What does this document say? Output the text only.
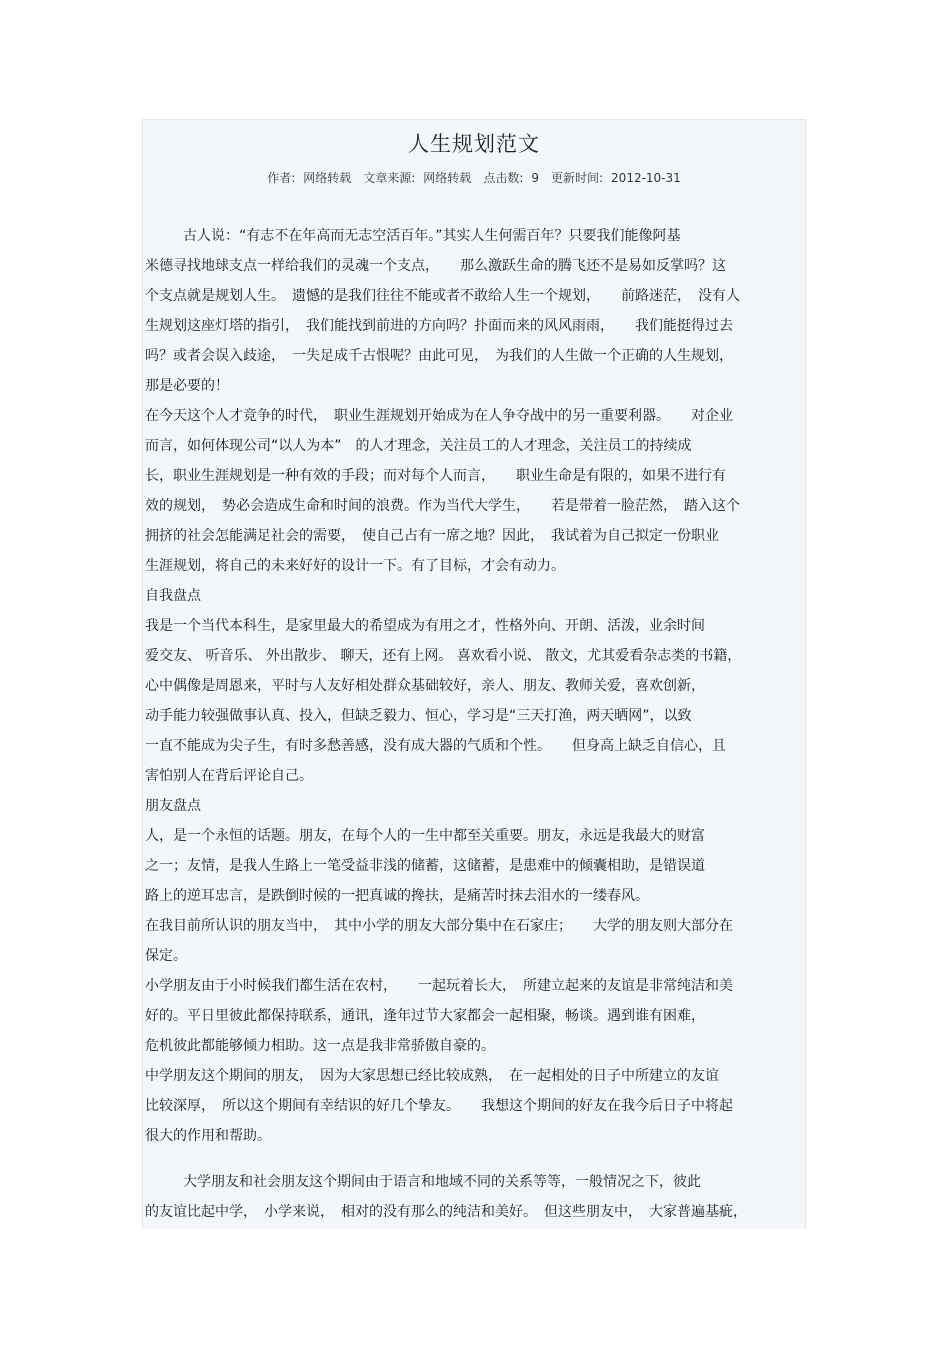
人生规划范文
作者: 网络转载 文章来源: 网络转载 点击数: 9 更新时间: 2012-10-31
古人说：“有志不在年高而无志空活百年。”其实人生何需百年？只要我们能像阿基
米德寻找地球支点一样给我们的灵魂一个支点，　　那么激跃生命的腾飞还不是易如反掌吗？这
个支点就是规划人生。　遗憾的是我们往往不能或者不敢给人生一个规划，　　前路迷茫，　没有人
生规划这座灯塔的指引，　我们能找到前进的方向吗？扑面而来的风风雨雨，　　我们能挺得过去
吗？或者会误入歧途，　一失足成千古恨呢？由此可见，　为我们的人生做一个正确的人生规划，
那是必要的！
在今天这个人才竞争的时代，　职业生涯规划开始成为在人争夺战中的另一重要利器。　　对企业
而言，如何体现公司“以人为本”　的人才理念，关注员工的人才理念，关注员工的持续成
长，职业生涯规划是一种有效的手段；而对每个人而言，　　职业生命是有限的，如果不进行有
效的规划，　势必会造成生命和时间的浪费。作为当代大学生，　　若是带着一脸茫然，　踏入这个
拥挤的社会怎能满足社会的需要，　使自己占有一席之地？因此，　我试着为自己拟定一份职业
生涯规划，将自己的未来好好的设计一下。有了目标，才会有动力。
自我盘点
我是一个当代本科生，是家里最大的希望成为有用之才，性格外向、开朗、活泼，业余时间
爱交友、 听音乐、 外出散步、 聊天，还有上网。 喜欢看小说、 散文，尤其爱看杂志类的书籍，
心中偶像是周恩来，平时与人友好相处群众基础较好，亲人、朋友、教师关爱，喜欢创新，
动手能力较强做事认真、投入，但缺乏毅力、恒心，学习是“三天打渔，两天晒网”，以致
一直不能成为尖子生，有时多愁善感，没有成大器的气质和个性。　　但身高上缺乏自信心，且
害怕别人在背后评论自己。
朋友盘点
人，是一个永恒的话题。朋友，在每个人的一生中都至关重要。朋友，永远是我最大的财富
之一；友情，是我人生路上一笔受益非浅的储蓄，这储蓄，是患难中的倾囊相助，是错误道
路上的逆耳忠言，是跌倒时候的一把真诚的搀扶，是痛苦时抹去泪水的一缕春风。
在我目前所认识的朋友当中，　其中小学的朋友大部分集中在石家庄；　　大学的朋友则大部分在
保定。
小学朋友由于小时候我们都生活在农村，　　一起玩着长大，　所建立起来的友谊是非常纯洁和美
好的。平日里彼此都保持联系，通讯，逢年过节大家都会一起相聚，畅谈。遇到谁有困难，
危机彼此都能够倾力相助。这一点是我非常骄傲自豪的。
中学朋友这个期间的朋友，　因为大家思想已经比较成熟，　在一起相处的日子中所建立的友谊
比较深厚，　所以这个期间有幸结识的好几个挚友。　　我想这个期间的好友在我今后日子中将起
很大的作用和帮助。
大学朋友和社会朋友这个期间由于语言和地域不同的关系等等，一般情况之下，彼此
的友谊比起中学，　小学来说，　相对的没有那么的纯洁和美好。　但这些朋友中，　大家普遍基疵，
